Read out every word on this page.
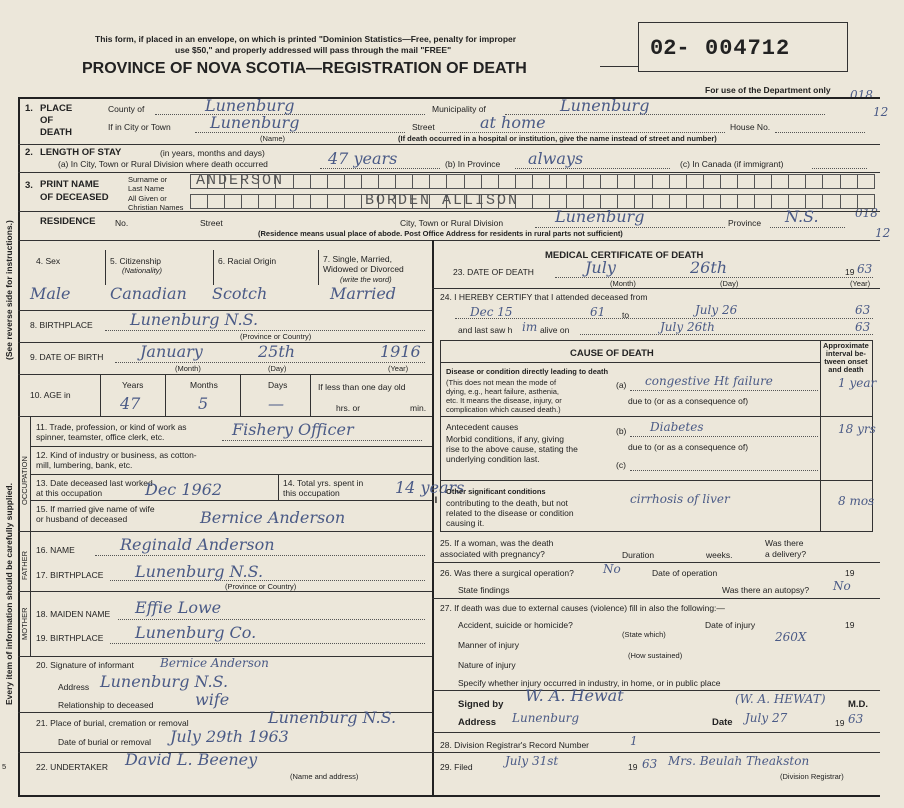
This form, if placed in an envelope, on which is printed "Dominion Statistics—Free, penalty for improper
use $50," and properly addressed will pass through the mail "FREE"
PROVINCE OF NOVA SCOTIA—REGISTRATION OF DEATH
02- 004712
For use of the Department only 018
12
018
12
(See reverse side for instructions.)
Every item of information should be carefully supplied.
1. PLACE
OF
DEATH
County of	Lunenburg	Municipality of	Lunenburg
If in City or Town Lunenburg
(Name)
Street	at home	House No.
(If death occurred in a hospital or institution, give the name instead of street and number)
2. LENGTH OF STAY	(in years, months and days)
(a) In City, Town or Rural Division where death occurred	47 years	(b) In Province always	(c) In Canada (if immigrant)
3. PRINT NAME
OF DECEASED
Surname or
Last Name
All Given or
Christian Names
ANDERSON
BORDEN ALLISON
RESIDENCE No.	Street	City, Town or Rural Division	Lunenburg	Province N.S.
(Residence means usual place of abode. Post Office Address for residents in rural parts not sufficient)
4. Sex	5. Citizenship
(Nationality)
6. Racial Origin	7. Single, Married,
Widowed or Divorced
(write the word)
Male Canadian Scotch	Married
8. BIRTHPLACE Lunenburg N.S.
(Province or Country)
9. DATE OF BIRTH January	25th	1916
(Month)	(Day)	(Year)
10. AGE in
Years	Months	Days
47	5	—
If less than one day old
hrs. or	min.
OCCUPATION
11. Trade, profession, or kind of work as
spinner, teamster, office clerk, etc.	Fishery Officer
12. Kind of industry or business, as cotton-
mill, lumbering, bank, etc.
13. Date deceased last worked
at this occupation	Dec 1962	14. Total yrs. spent in
this occupation	14 years
15. If married give name of wife
or husband of deceased	Bernice Anderson
FATHER
16. NAME	Reginald Anderson
17. BIRTHPLACE Lunenburg N.S.
(Province or Country)
MOTHER 18. MAIDEN NAME Effie Lowe
19. BIRTHPLACE Lunenburg Co.
20. Signature of informant Bernice Anderson
Address Lunenburg N.S.
Relationship to deceased	wife
21. Place of burial, cremation or removal	Lunenburg N.S.
Date of burial or removal July 29th 1963
22. UNDERTAKER David L. Beeney
(Name and address)
MEDICAL CERTIFICATE OF DEATH
23. DATE OF DEATH	July	26th	19 63
(Month)	(Day)	(Year)
24. I HEREBY CERTIFY that I attended deceased from
Dec 15	61 to	July 26	63
and last saw h im alive on	July 26th	63
CAUSE OF DEATH
Approximate
interval be-
tween onset
and death
Disease or condition directly leading to death
(This does not mean the mode of
dying, e.g., heart failure, asthenia,
etc. It means the disease, injury, or
complication which caused death.)
I	(a) congestive Ht failure	1 year
due to (or as a consequence of)
Antecedent causes
Morbid conditions, if any, giving
rise to the above cause, stating the
underlying condition last.
(b) Diabetes	18 yrs
due to (or as a consequence of)
(c)
II
Other significant conditions
contributing to the death, but not
related to the disease or condition
causing it.
cirrhosis of liver	8 mos
25. If a woman, was the death
associated with pregnancy?	Duration	weeks.
Was there
a delivery?
26. Was there a surgical operation? No	Date of operation	19
State findings	Was there an autopsy? No
27. If death was due to external causes (violence) fill in also the following:—
Accident, suicide or homicide?
(State which)
Date of injury	19
Manner of injury
260X
(How sustained)
Nature of injury
Specify whether injury occurred in industry, in home, or in public place
Signed by W. A. Hewat	(W. A. HEWAT) M.D.
Address Lunenburg	Date July 27	19 63
28. Division Registrar's Record Number	1
29. Filed	July 31st	19 63 Mrs. Beulah Theakston
(Division Registrar)
5
